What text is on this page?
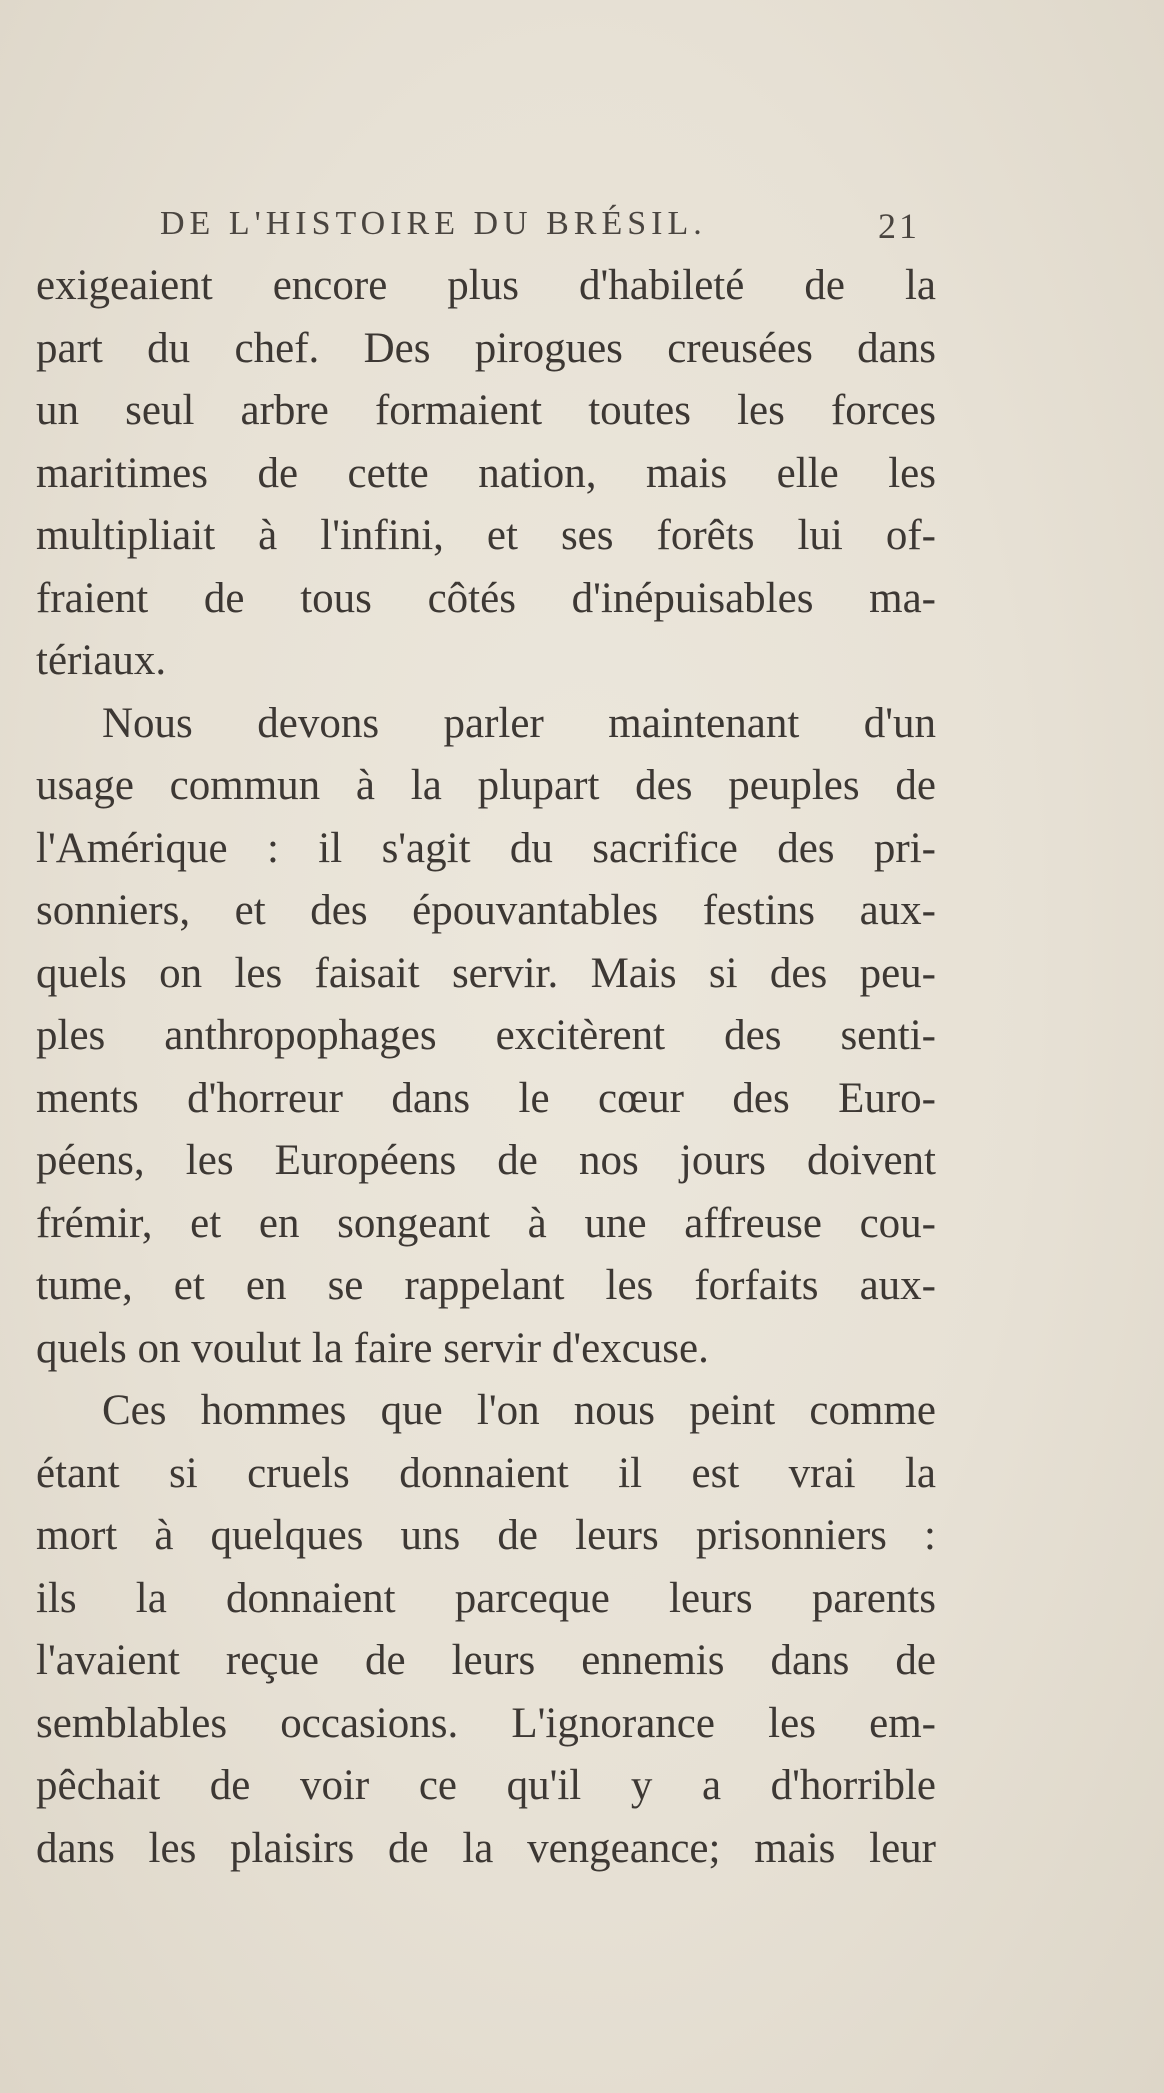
DE L'HISTOIRE DU BRÉSIL.	21
exigeaient encore plus d'habileté de la
part du chef. Des pirogues creusées dans
un seul arbre formaient toutes les forces
maritimes de cette nation, mais elle les
multipliait à l'infini, et ses forêts lui of-
fraient de tous côtés d'inépuisables ma-
tériaux.
Nous devons parler maintenant d'un
usage commun à la plupart des peuples de
l'Amérique : il s'agit du sacrifice des pri-
sonniers, et des épouvantables festins aux-
quels on les faisait servir. Mais si des peu-
ples anthropophages excitèrent des senti-
ments d'horreur dans le cœur des Euro-
péens, les Européens de nos jours doivent
frémir, et en songeant à une affreuse cou-
tume, et en se rappelant les forfaits aux-
quels on voulut la faire servir d'excuse.
Ces hommes que l'on nous peint comme
étant si cruels donnaient il est vrai la
mort à quelques uns de leurs prisonniers :
ils la donnaient parceque leurs parents
l'avaient reçue de leurs ennemis dans de
semblables occasions. L'ignorance les em-
pêchait de voir ce qu'il y a d'horrible
dans les plaisirs de la vengeance; mais leur
